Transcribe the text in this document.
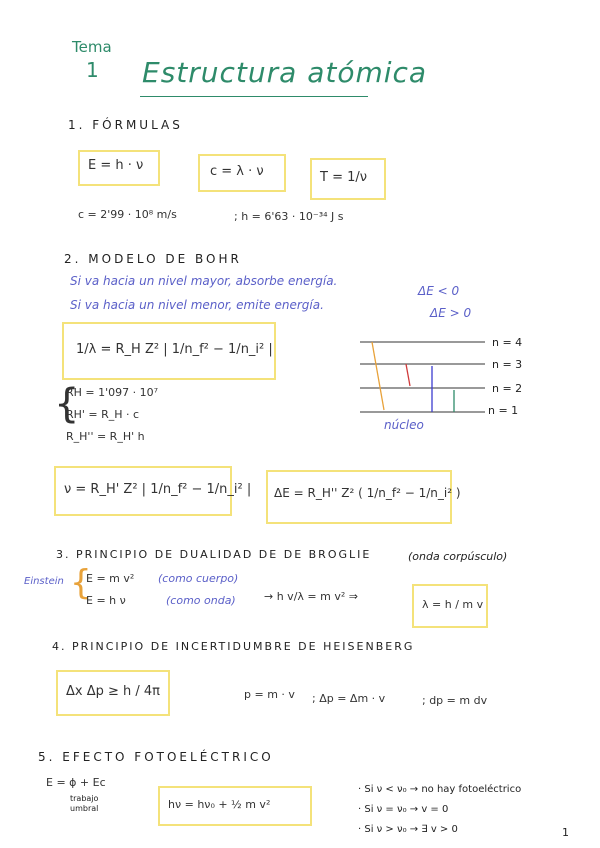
Tema
1 Estructura atómica
1. FÓRMULAS
E = h · ν	c = λ · ν	T = 1/ν
c = 2'99 · 10⁸ m/s	; h = 6'63 · 10⁻³⁴ J s
2. MODELO DE BOHR
Si va hacia un nivel mayor, absorbe energía.
ΔE < 0
Si va hacia un nivel menor, emite energía.
ΔE > 0
1/λ = R_H Z² | 1/n_f² − 1/n_i² |
{
RH = 1'097 · 10⁷
RH' = R_H · c
R_H'' = R_H' h
n = 4
n = 3
n = 2
n = 1
núcleo
ν = R_H' Z² | 1/n_f² − 1/n_i² | ΔE = R_H'' Z² ( 1/n_f² − 1/n_i² )
3. PRINCIPIO DE DUALIDAD DE DE BROGLIE	(onda corpúsculo)
Einstein {
E = m v² (como cuerpo)
E = h ν	(como onda)	→ h v/λ = m v² ⇒
λ = h / m v
4. PRINCIPIO DE INCERTIDUMBRE DE HEISENBERG
Δx Δp ≥ h / 4π	p = m · v ; Δp = Δm · v	; dp = m dv
5. EFECTO FOTOELÉCTRICO
E = ϕ + Ec
trabajo umbral	hν = hν₀ + ½ m v²
· Si ν < ν₀ → no hay fotoeléctrico
· Si ν = ν₀ → v = 0
· Si ν > ν₀ → ∃ v > 0	1
